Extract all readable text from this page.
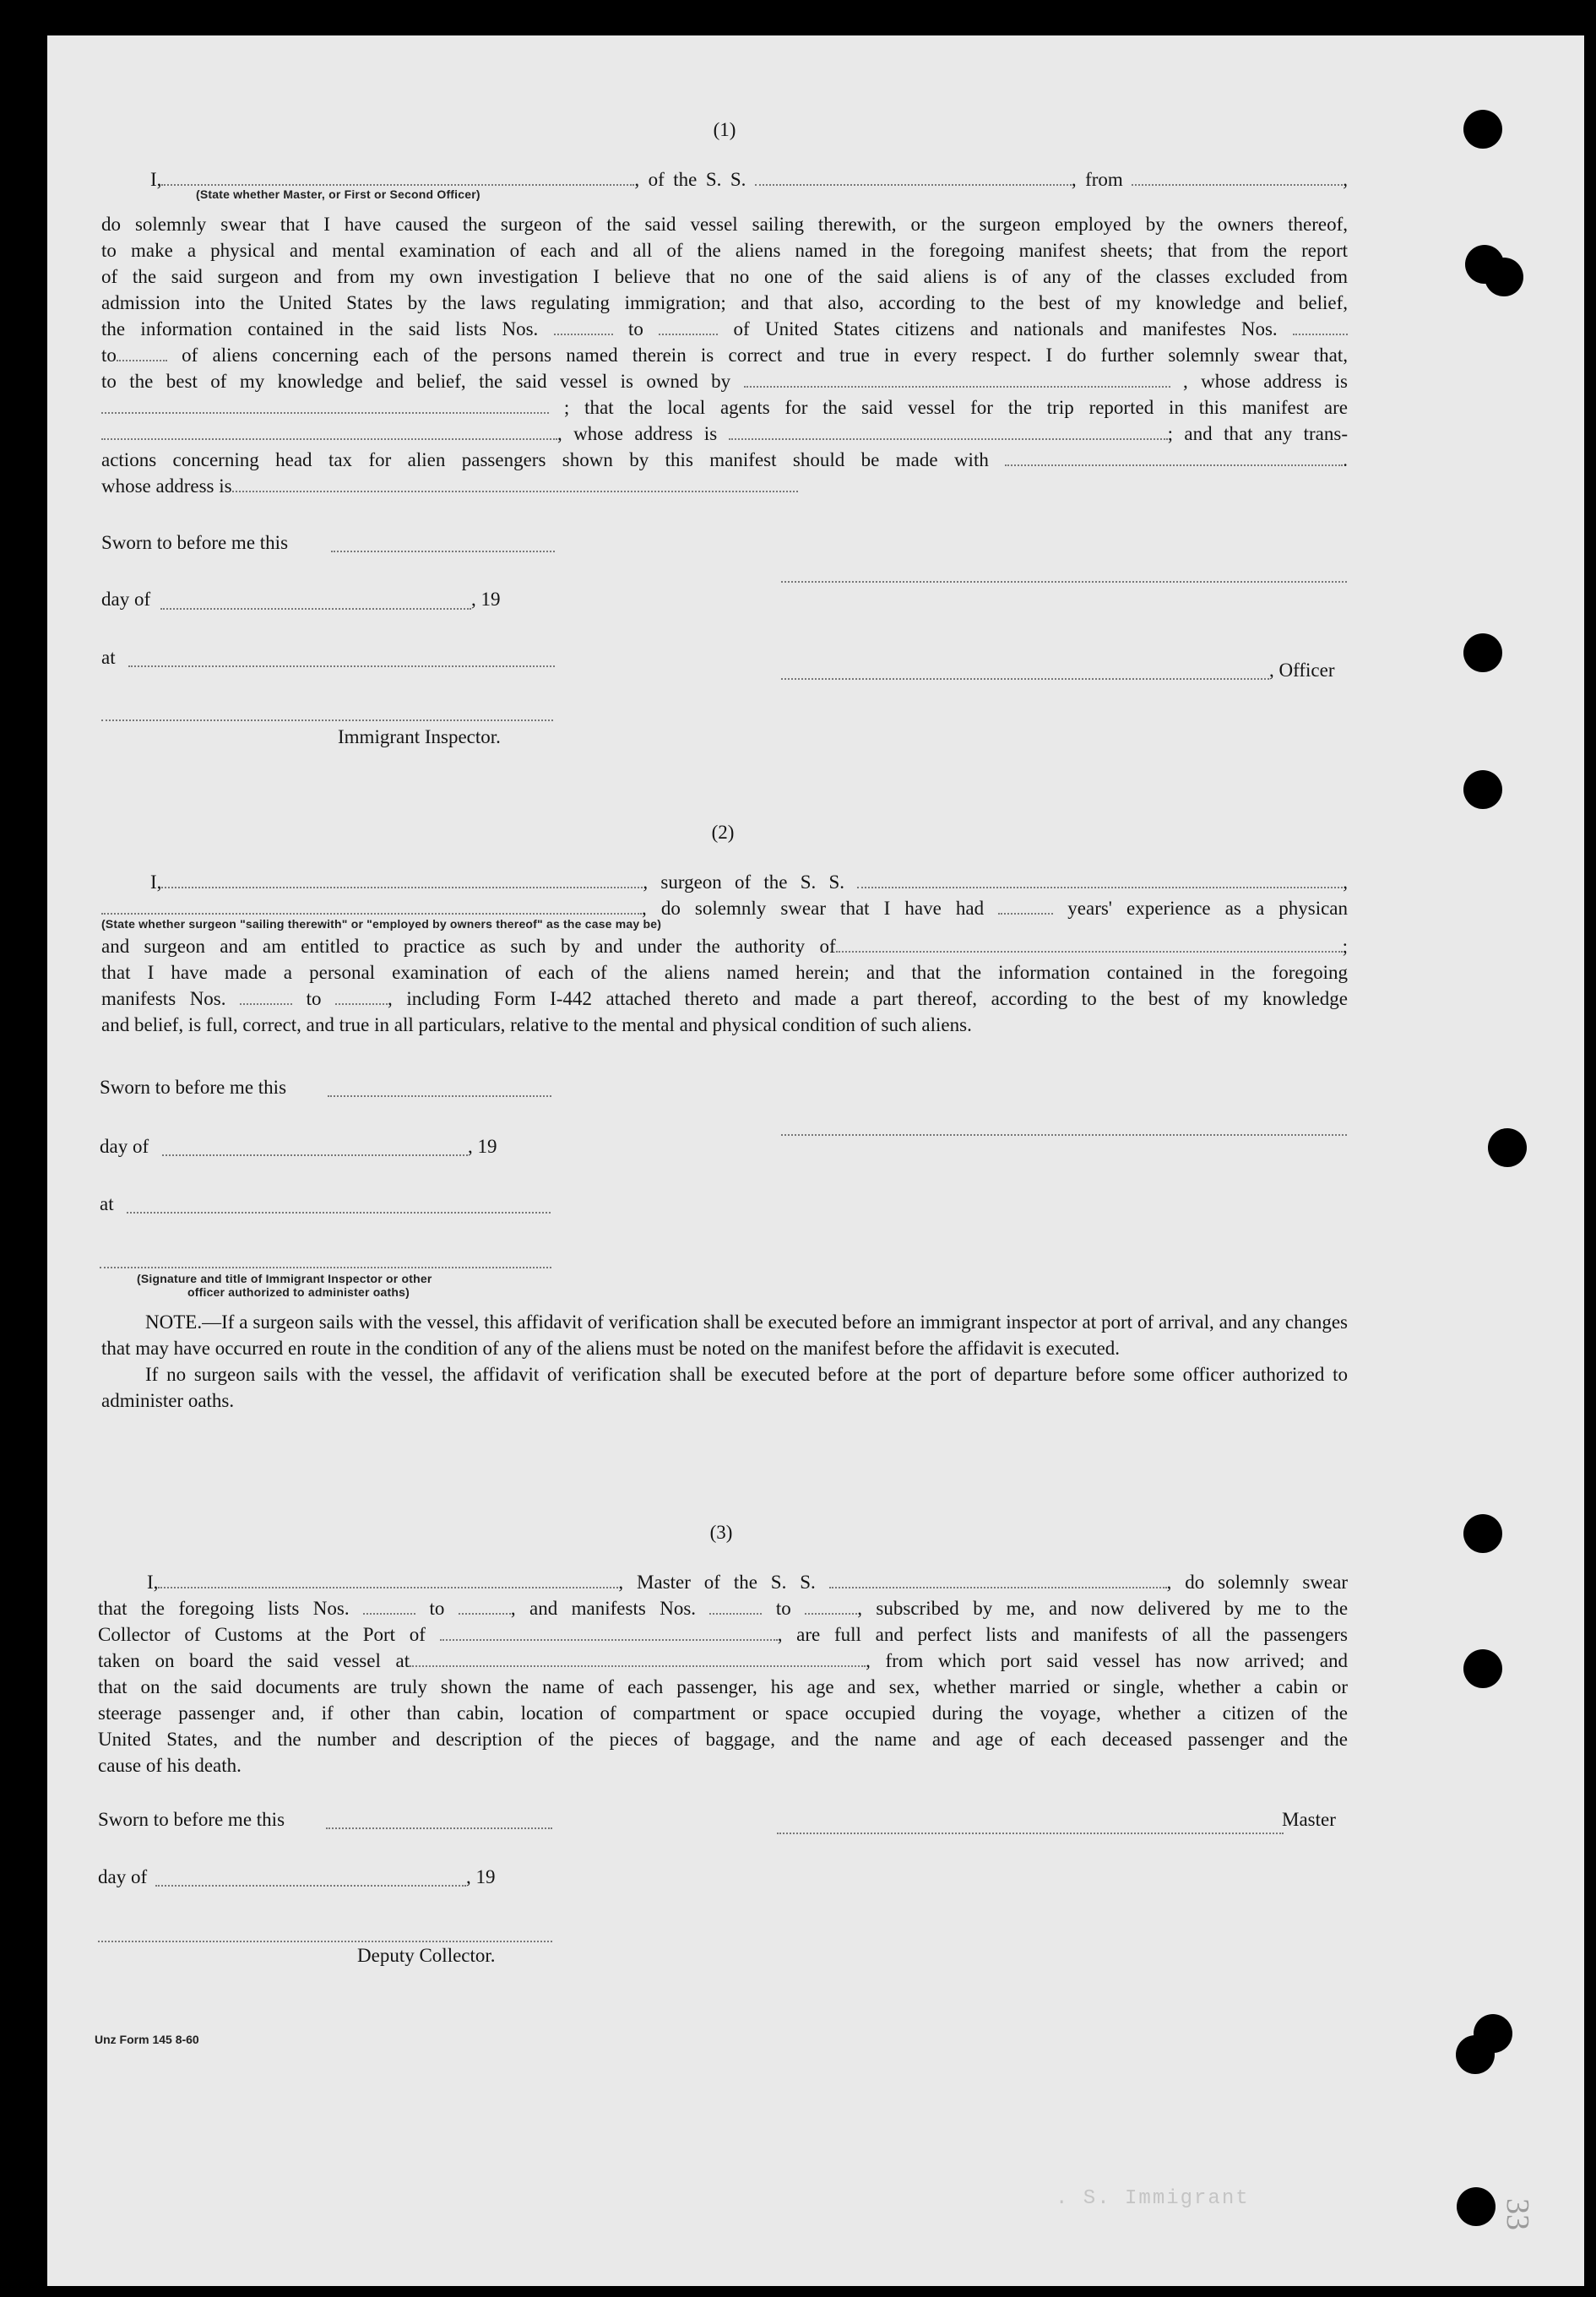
(1)

I,	, of the S. S.	, from	,

(State whether Master, or First or Second Officer)

do solemnly swear that I have caused the surgeon of the said vessel sailing therewith, or the surgeon employed by the owners thereof,

to make a physical and mental examination of each and all of the aliens named in the foregoing manifest sheets; that from the report

of the said surgeon and from my own investigation I believe that no one of the said aliens is of any of the classes excluded from

admission into the United States by the laws regulating immigration; and that also, according to the best of my knowledge and belief,

the information contained in the said lists Nos.	to	of United States citizens and nationals and manifestes Nos.

to	of aliens concerning each of the persons named therein is correct and true in every respect. I do further solemnly swear that,

to the best of my knowledge and belief, the said vessel is owned by	, whose address is

; that the local agents for the said vessel for the trip reported in this manifest are

, whose address is	; and that any trans-

actions concerning head tax for alien passengers shown by this manifest should be made with	.

whose address is

Sworn to before me this
day of	, 19
at
, Officer
Immigrant Inspector.
(2)

I,	, surgeon of the S. S.	,

, do solemnly swear that I have had	years' experience as a physican

(State whether surgeon "sailing therewith" or "employed by owners thereof" as the case may be)

and surgeon and am entitled to practice as such by and under the authority of	;

that I have made a personal examination of each of the aliens named herein; and that the information contained in the foregoing

manifests Nos.	to	, including Form I-442 attached thereto and made a part thereof, according to the best of my knowledge

and belief, is full, correct, and true in all particulars, relative to the mental and physical condition of such aliens.

Sworn to before me this
day of	, 19
at
(Signature and title of Immigrant Inspector or other
officer authorized to administer oaths)

NOTE.—If a surgeon sails with the vessel, this affidavit of verification shall be executed before an immigrant inspector at port of arrival, and any changes that may have occurred en route in the condition of any of the aliens must be noted on the manifest before the affidavit is executed.

If no surgeon sails with the vessel, the affidavit of verification shall be executed before at the port of departure before some officer authorized to administer oaths.

(3)

I,	, Master of the S. S.	, do solemnly swear

that the foregoing lists Nos.	to	, and manifests Nos.	to	, subscribed by me, and now delivered by me to the

Collector of Customs at the Port of	, are full and perfect lists and manifests of all the passengers

taken on board the said vessel at	, from which port said vessel has now arrived; and

that on the said documents are truly shown the name of each passenger, his age and sex, whether married or single, whether a cabin or

steerage passenger and, if other than cabin, location of compartment or space occupied during the voyage, whether a citizen of the

United States, and the number and description of the pieces of baggage, and the name and age of each deceased passenger and the

cause of his death.

Sworn to before me this	Master
day of	, 19
Deputy Collector.
Unz Form 145 8-60
. S. Immigrant	33
